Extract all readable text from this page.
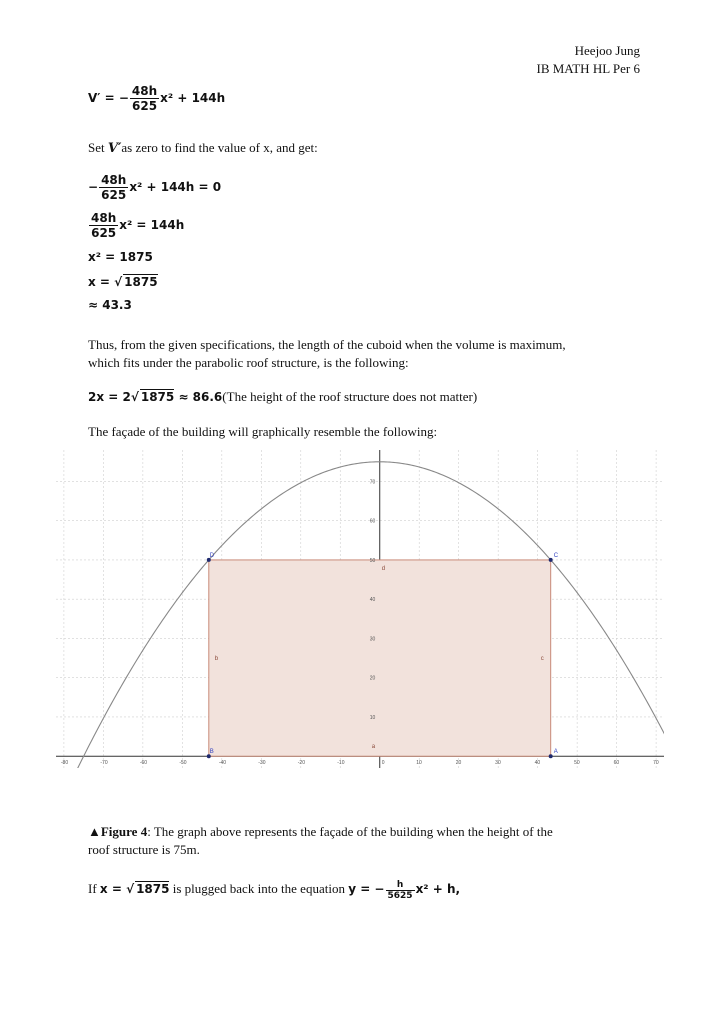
Heejoo Jung
IB MATH HL Per 6
V′ = − $\frac{48h}{625} x^2 + 144h$
Set V′as zero to find the value of x, and get:
− $\frac{48h}{625} x^2 + 144h = 0$
$\frac{48h}{625} x^2 = 144h$
x² = 1875
x = √ 1875
≈ 43.3
Thus, from the given specifications, the length of the cuboid when the volume is maximum,
which fits under the parabolic roof structure, is the following:
2x = 2√ 1875 ≈ 86.6(The height of the roof structure does not matter)
The façade of the building will graphically resemble the following:
-80	-70	-60	-50	-40	-30	-20	-10	10	20	30	40	50	60	70
10
20
30
40
50
60
70
0
A
B
C
D
a
b	c
d
▲Figure 4: The graph above represents the façade of the building when the height of the
roof structure is 75m.
If x = √ 1875 is plugged back into the equation y = − $\frac{h}{5625} x^2 + h$,
